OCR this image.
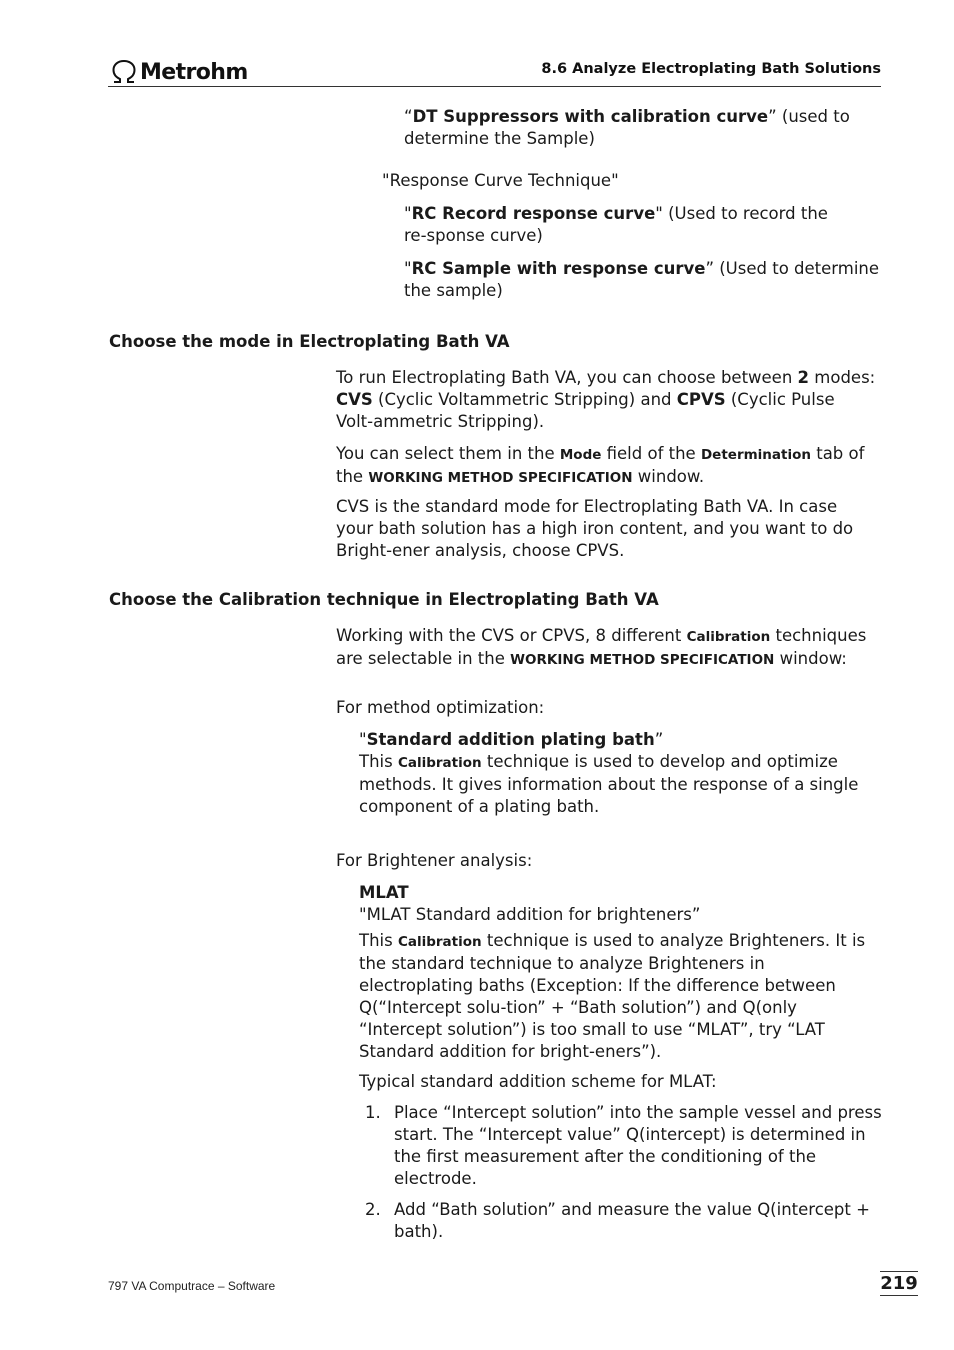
Metrohm	8.6 Analyze Electroplating Bath Solutions
“DT Suppressors with calibration curve” (used to determine the Sample)
"Response Curve Technique"
"RC Record response curve" (Used to record the re-sponse curve)
"RC Sample with response curve” (Used to determine the sample)
Choose the mode in Electroplating Bath VA
To run Electroplating Bath VA, you can choose between 2 modes: CVS (Cyclic Voltammetric Stripping) and CPVS (Cyclic Pulse Volt-ammetric Stripping).
You can select them in the Mode field of the Determination tab of the WORKING METHOD SPECIFICATION window.
CVS is the standard mode for Electroplating Bath VA. In case your bath solution has a high iron content, and you want to do Bright-ener analysis, choose CPVS.
Choose the Calibration technique in Electroplating Bath VA
Working with the CVS or CPVS, 8 different Calibration techniques are selectable in the WORKING METHOD SPECIFICATION window:
For method optimization:
"Standard addition plating bath”
This Calibration technique is used to develop and optimize methods. It gives information about the response of a single component of a plating bath.
For Brightener analysis:
MLAT
"MLAT Standard addition for brighteners”
This Calibration technique is used to analyze Brighteners. It is the standard technique to analyze Brighteners in electroplating baths (Exception: If the difference between Q(“Intercept solu-tion” + “Bath solution”) and Q(only “Intercept solution”) is too small to use “MLAT”, try “LAT Standard addition for bright-eners”).
Typical standard addition scheme for MLAT:
1. Place “Intercept solution” into the sample vessel and press start. The “Intercept value” Q(intercept) is determined in the first measurement after the conditioning of the electrode.
2. Add “Bath solution” and measure the value Q(intercept + bath).
797 VA Computrace – Software	219
